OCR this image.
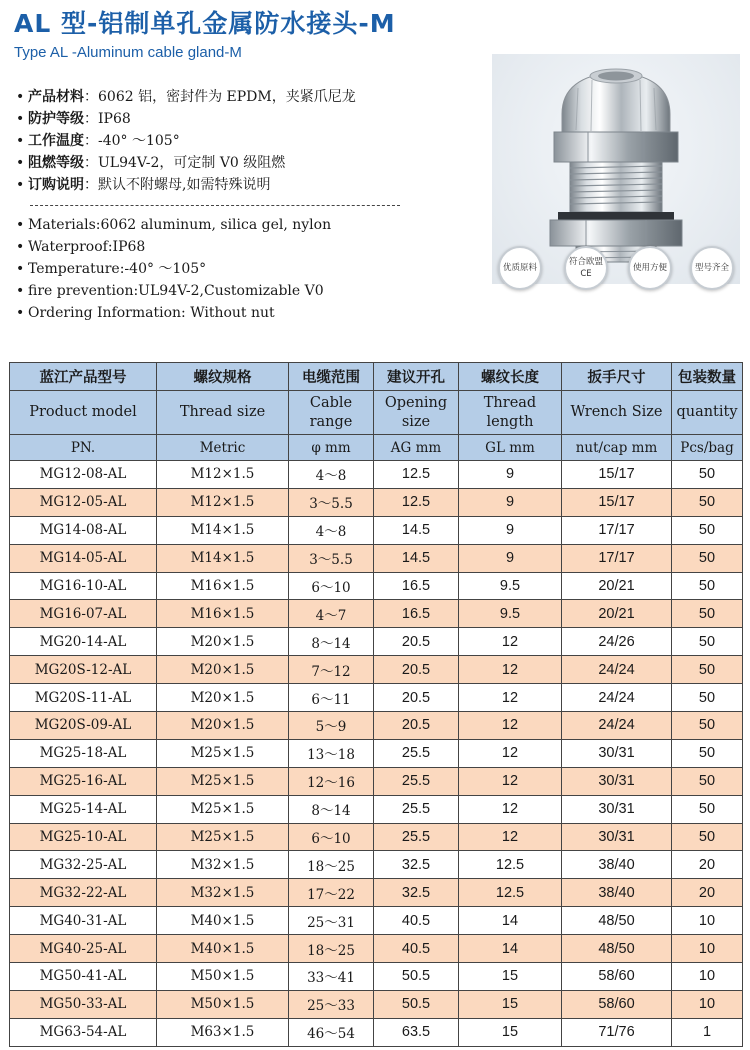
AL 型-铝制单孔金属防水接头-M
Type AL -Aluminum cable gland-M
• 产品材料：6062 铝，密封件为 EPDM，夹紧爪尼龙
• 防护等级：IP68
• 工作温度：-40° ～105°
• 阻燃等级：UL94V-2，可定制 V0 级阻燃
• 订购说明：默认不附螺母,如需特殊说明
• Materials:6062 aluminum, silica gel, nylon
• Waterproof:IP68
• Temperature:-40° ～105°
• fire prevention:UL94V-2,Customizable V0
• Ordering Information: Without nut
优质原料
符合欧盟CE
使用方便	型号齐全
蓝江产品型号	螺纹规格	电缆范围	建议开孔	螺纹长度	扳手尺寸	包装数量
Product model	Thread size	Cable range	Opening size	Thread length	Wrench Size	quantity
PN.	Metric	φ mm	AG mm	GL mm	nut/cap mm	Pcs/bag
MG12-08-AL	M12×1.5	4～8	12.5	9	15/17	50
MG12-05-AL	M12×1.5	3～5.5	12.5	9	15/17	50
MG14-08-AL	M14×1.5	4～8	14.5	9	17/17	50
MG14-05-AL	M14×1.5	3～5.5	14.5	9	17/17	50
MG16-10-AL	M16×1.5	6～10	16.5	9.5	20/21	50
MG16-07-AL	M16×1.5	4～7	16.5	9.5	20/21	50
MG20-14-AL	M20×1.5	8～14	20.5	12	24/26	50
MG20S-12-AL	M20×1.5	7～12	20.5	12	24/24	50
MG20S-11-AL	M20×1.5	6～11	20.5	12	24/24	50
MG20S-09-AL	M20×1.5	5～9	20.5	12	24/24	50
MG25-18-AL	M25×1.5	13～18	25.5	12	30/31	50
MG25-16-AL	M25×1.5	12～16	25.5	12	30/31	50
MG25-14-AL	M25×1.5	8～14	25.5	12	30/31	50
MG25-10-AL	M25×1.5	6～10	25.5	12	30/31	50
MG32-25-AL	M32×1.5	18～25	32.5	12.5	38/40	20
MG32-22-AL	M32×1.5	17～22	32.5	12.5	38/40	20
MG40-31-AL	M40×1.5	25～31	40.5	14	48/50	10
MG40-25-AL	M40×1.5	18～25	40.5	14	48/50	10
MG50-41-AL	M50×1.5	33～41	50.5	15	58/60	10
MG50-33-AL	M50×1.5	25～33	50.5	15	58/60	10
MG63-54-AL	M63×1.5	46～54	63.5	15	71/76	1
